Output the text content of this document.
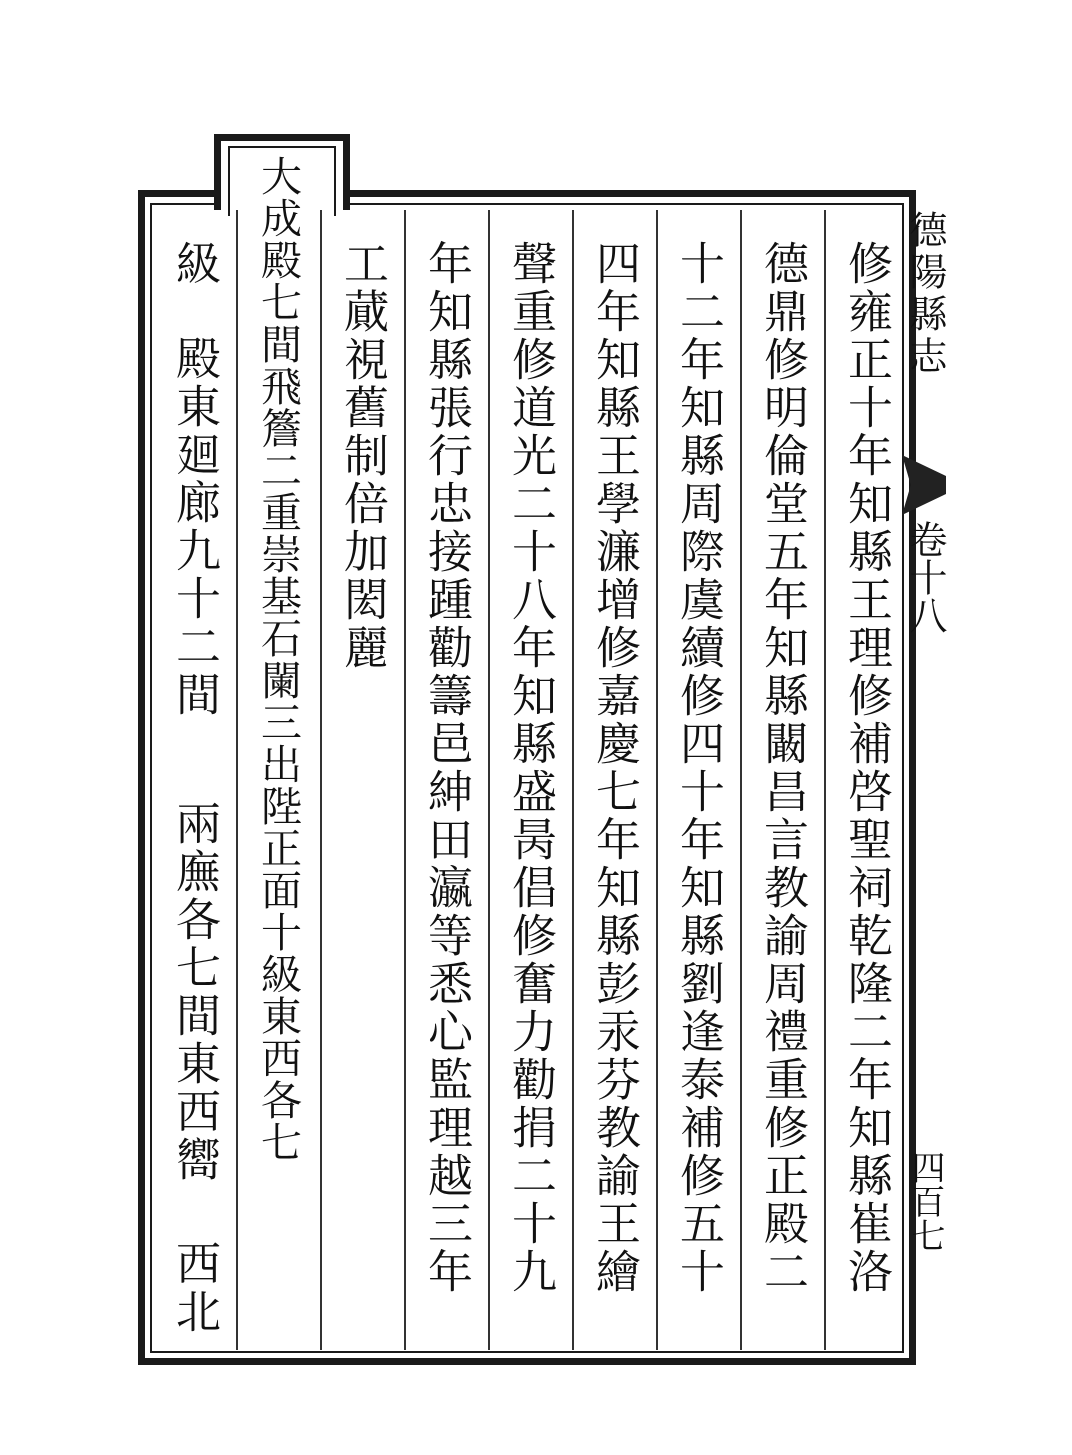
德陽縣志
卷十八
四百七
修雍正十年知縣王理修補啓聖祠乾隆二年知縣崔洛
德鼎修明倫堂五年知縣闞昌言教諭周禮重修正殿二
十二年知縣周際虞續修四十年知縣劉逢泰補修五十
四年知縣王學濂增修嘉慶七年知縣彭汞芬教諭王繪
聲重修道光二十八年知縣盛昺倡修奮力勸捐二十九
年知縣張行忠接踵勸籌邑紳田瀛等悉心監理越三年
工蕆視舊制倍加閎麗
大成殿七間飛簷二重崇基石闌三出陛正面十級東西各七
級
殿東廻廊九十二間
兩廡各七間東西嚮
西北
